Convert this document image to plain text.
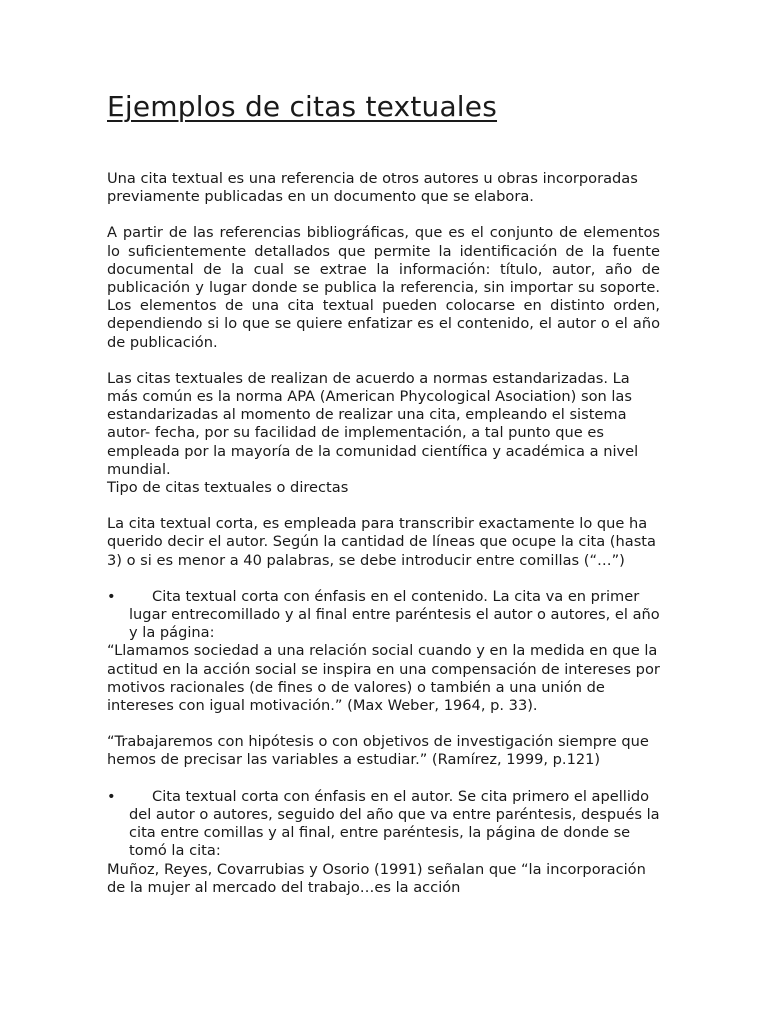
Ejemplos de citas textuales

Una cita textual es una referencia de otros autores u obras incorporadas previamente publicadas en un documento que se elabora.

A partir de las referencias bibliográficas, que es el conjunto de elementos lo suficientemente detallados que permite la identificación de la fuente documental de la cual se extrae la información: título, autor, año de publicación y lugar donde se publica la referencia, sin importar su soporte. Los elementos de una cita textual pueden colocarse en distinto orden, dependiendo si lo que se quiere enfatizar es el contenido, el autor o el año de publicación.

Las citas textuales de realizan de acuerdo a normas estandarizadas. La más común es la norma APA (American Phycological Asociation) son las estandarizadas al momento de realizar una cita, empleando el sistema autor- fecha, por su facilidad de implementación, a tal punto que es empleada por la mayoría de la comunidad científica y académica a nivel mundial.

Tipo de citas textuales o directas

La cita textual corta, es empleada para transcribir exactamente lo que ha querido decir el autor. Según la cantidad de líneas que ocupe la cita (hasta 3) o si es menor a 40 palabras, se debe introducir entre comillas (“…”)

•	Cita textual corta con énfasis en el contenido. La cita va en primer lugar entrecomillado y al final entre paréntesis el autor o autores, el año y la página:

“Llamamos sociedad a una relación social cuando y en la medida en que la actitud en la acción social se inspira en una compensación de intereses por motivos racionales (de fines o de valores) o también a una unión de intereses con igual motivación.” (Max Weber, 1964, p. 33).

“Trabajaremos con hipótesis o con objetivos de investigación siempre que hemos de precisar las variables a estudiar.” (Ramírez, 1999, p.121)

•	Cita textual corta con énfasis en el autor. Se cita primero el apellido del autor o autores, seguido del año que va entre paréntesis, después la cita entre comillas y al final, entre paréntesis, la página de donde se tomó la cita:

Muñoz, Reyes, Covarrubias y Osorio (1991) señalan que “la incorporación de la mujer al mercado del trabajo…es la acción
